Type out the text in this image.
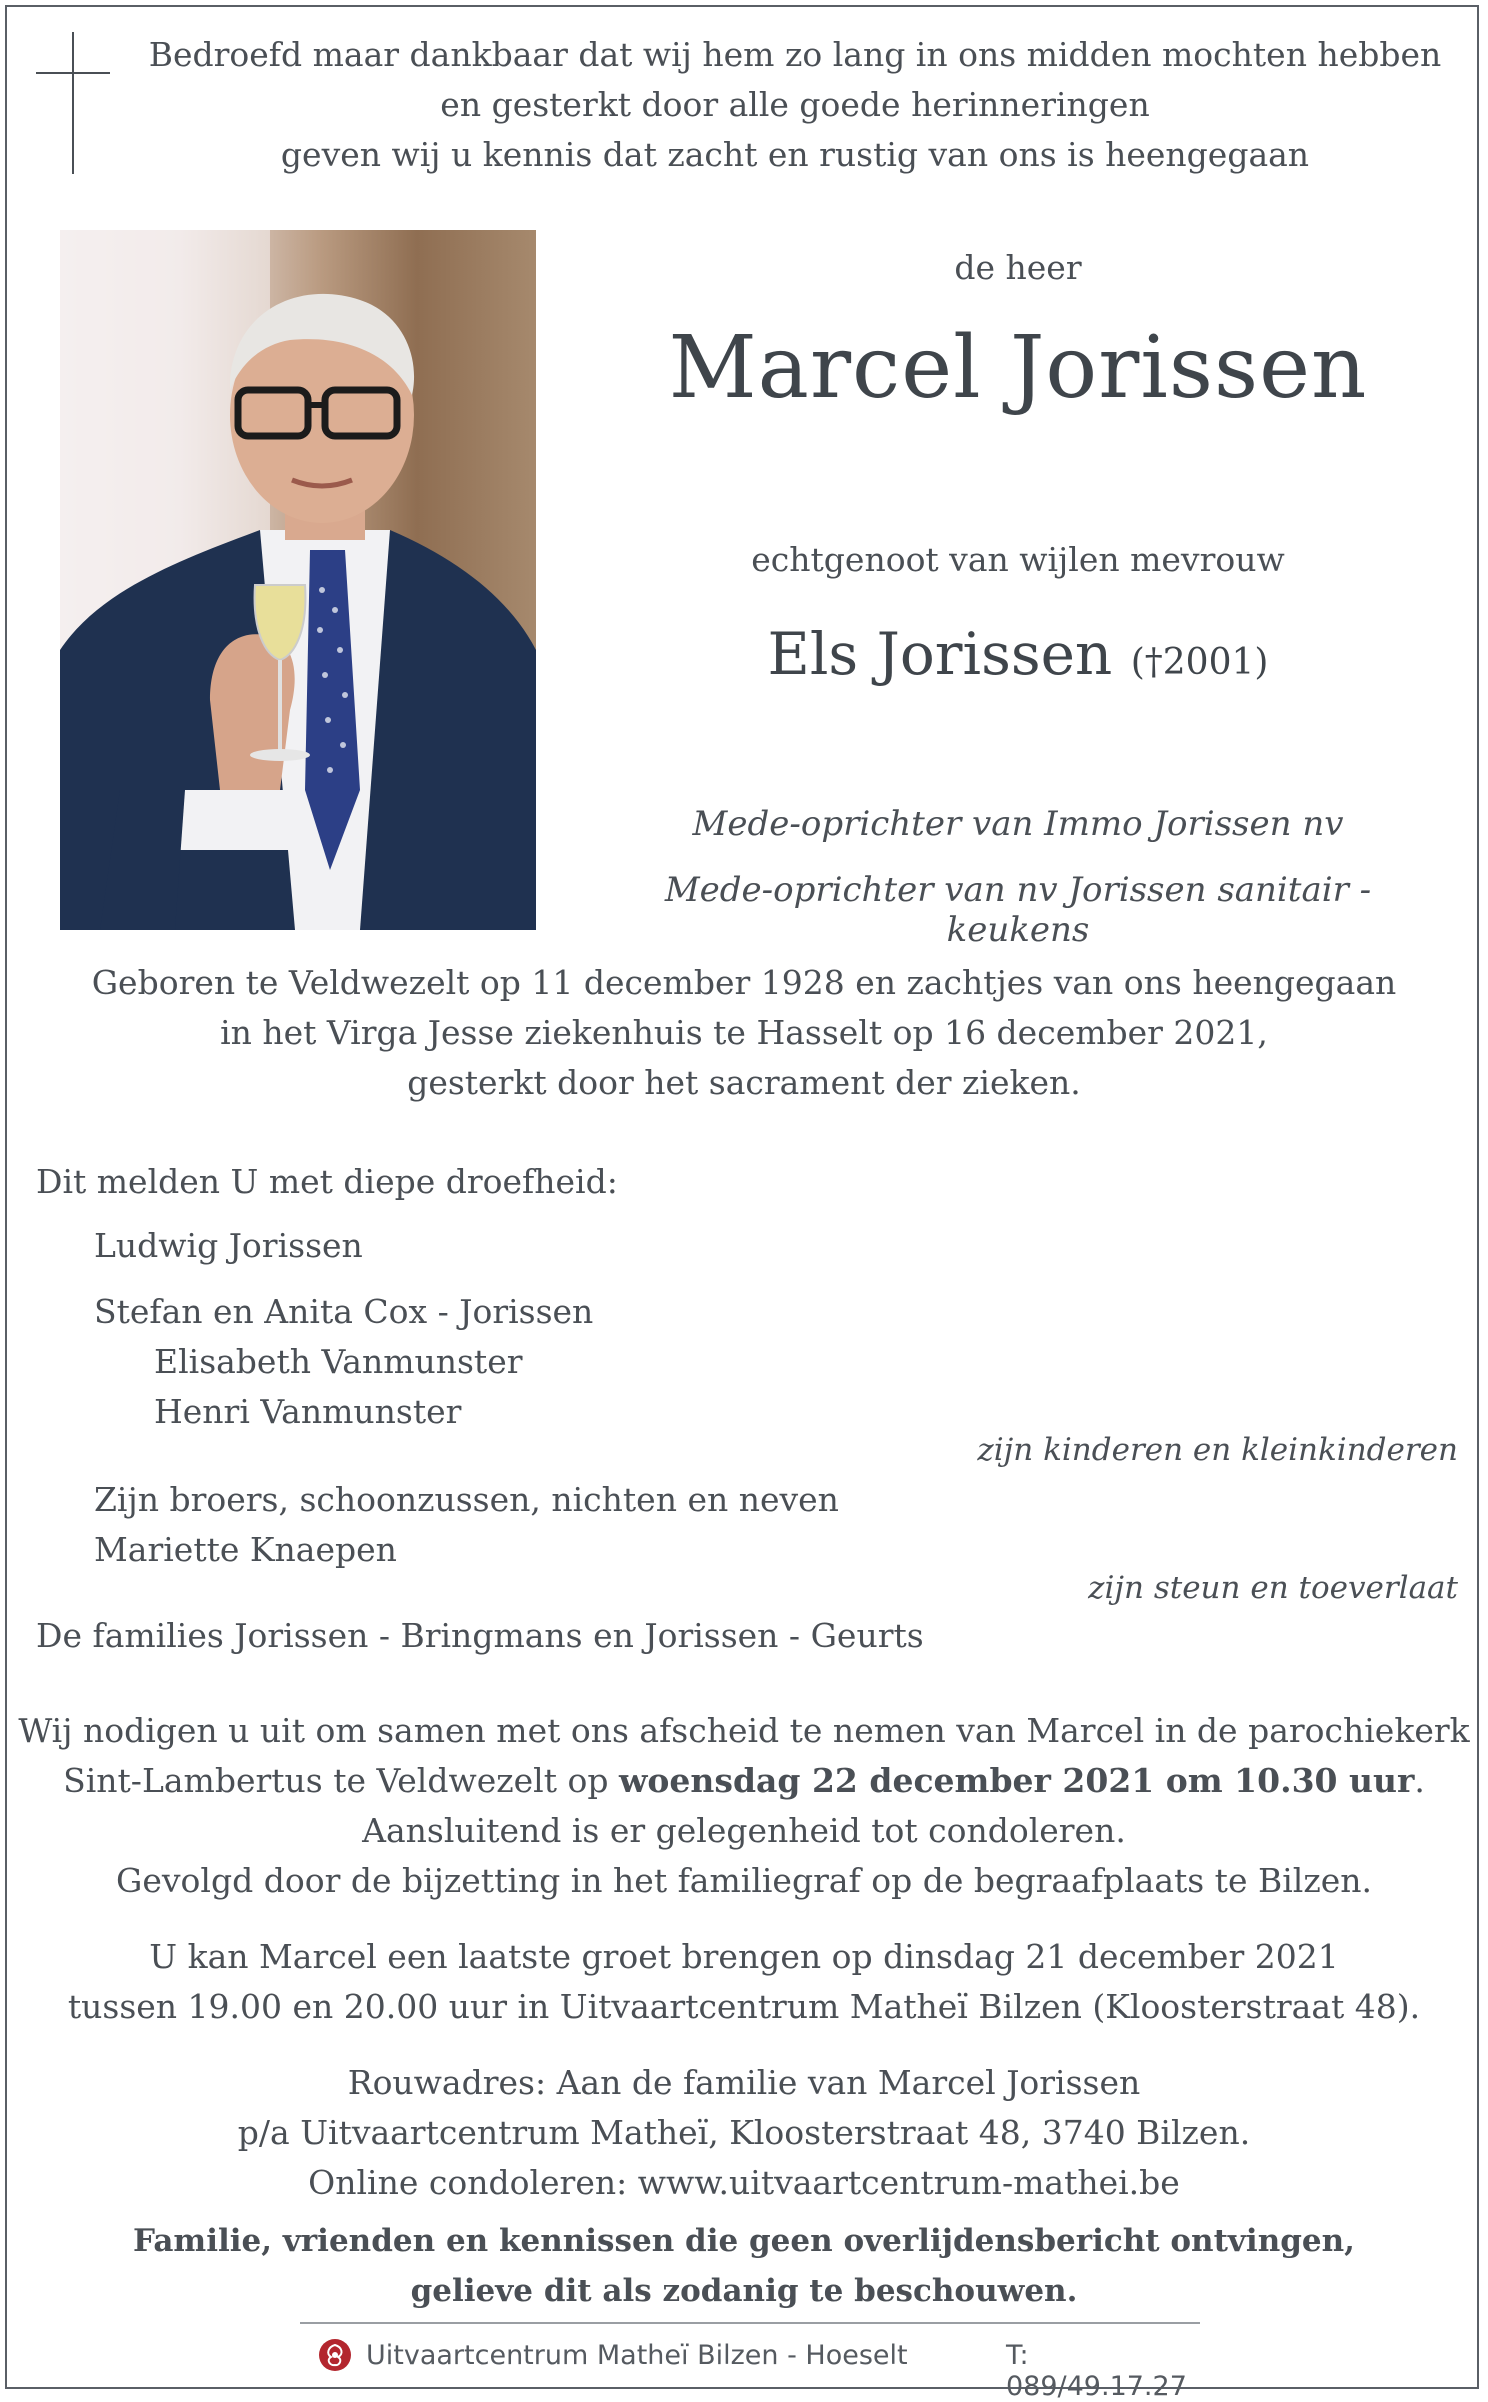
Bedroefd maar dankbaar dat wij hem zo lang in ons midden mochten hebben
en gesterkt door alle goede herinneringen
geven wij u kennis dat zacht en rustig van ons is heengegaan
de heer
Marcel Jorissen
echtgenoot van wijlen mevrouw
Els Jorissen (†2001)
Mede-oprichter van Immo Jorissen nv
Mede-oprichter van nv Jorissen sanitair - keukens
Geboren te Veldwezelt op 11 december 1928 en zachtjes van ons heengegaan
in het Virga Jesse ziekenhuis te Hasselt op 16 december 2021,
gesterkt door het sacrament der zieken.
Dit melden U met diepe droefheid:
Ludwig Jorissen
Stefan en Anita Cox - Jorissen
Elisabeth Vanmunster
Henri Vanmunster
zijn kinderen en kleinkinderen
Zijn broers, schoonzussen, nichten en neven
Mariette Knaepen
zijn steun en toeverlaat
De families Jorissen - Bringmans en Jorissen - Geurts
Wij nodigen u uit om samen met ons afscheid te nemen van Marcel in de parochiekerk
Sint-Lambertus te Veldwezelt op woensdag 22 december 2021 om 10.30 uur.
Aansluitend is er gelegenheid tot condoleren.
Gevolgd door de bijzetting in het familiegraf op de begraafplaats te Bilzen.
U kan Marcel een laatste groet brengen op dinsdag 21 december 2021
tussen 19.00 en 20.00 uur in Uitvaartcentrum Matheï Bilzen (Kloosterstraat 48).
Rouwadres: Aan de familie van Marcel Jorissen
p/a Uitvaartcentrum Matheï, Kloosterstraat 48, 3740 Bilzen.
Online condoleren: www.uitvaartcentrum-mathei.be
Familie, vrienden en kennissen die geen overlijdensbericht ontvingen,
gelieve dit als zodanig te beschouwen.
Uitvaartcentrum Matheï Bilzen - Hoeselt	T: 089/49.17.27
